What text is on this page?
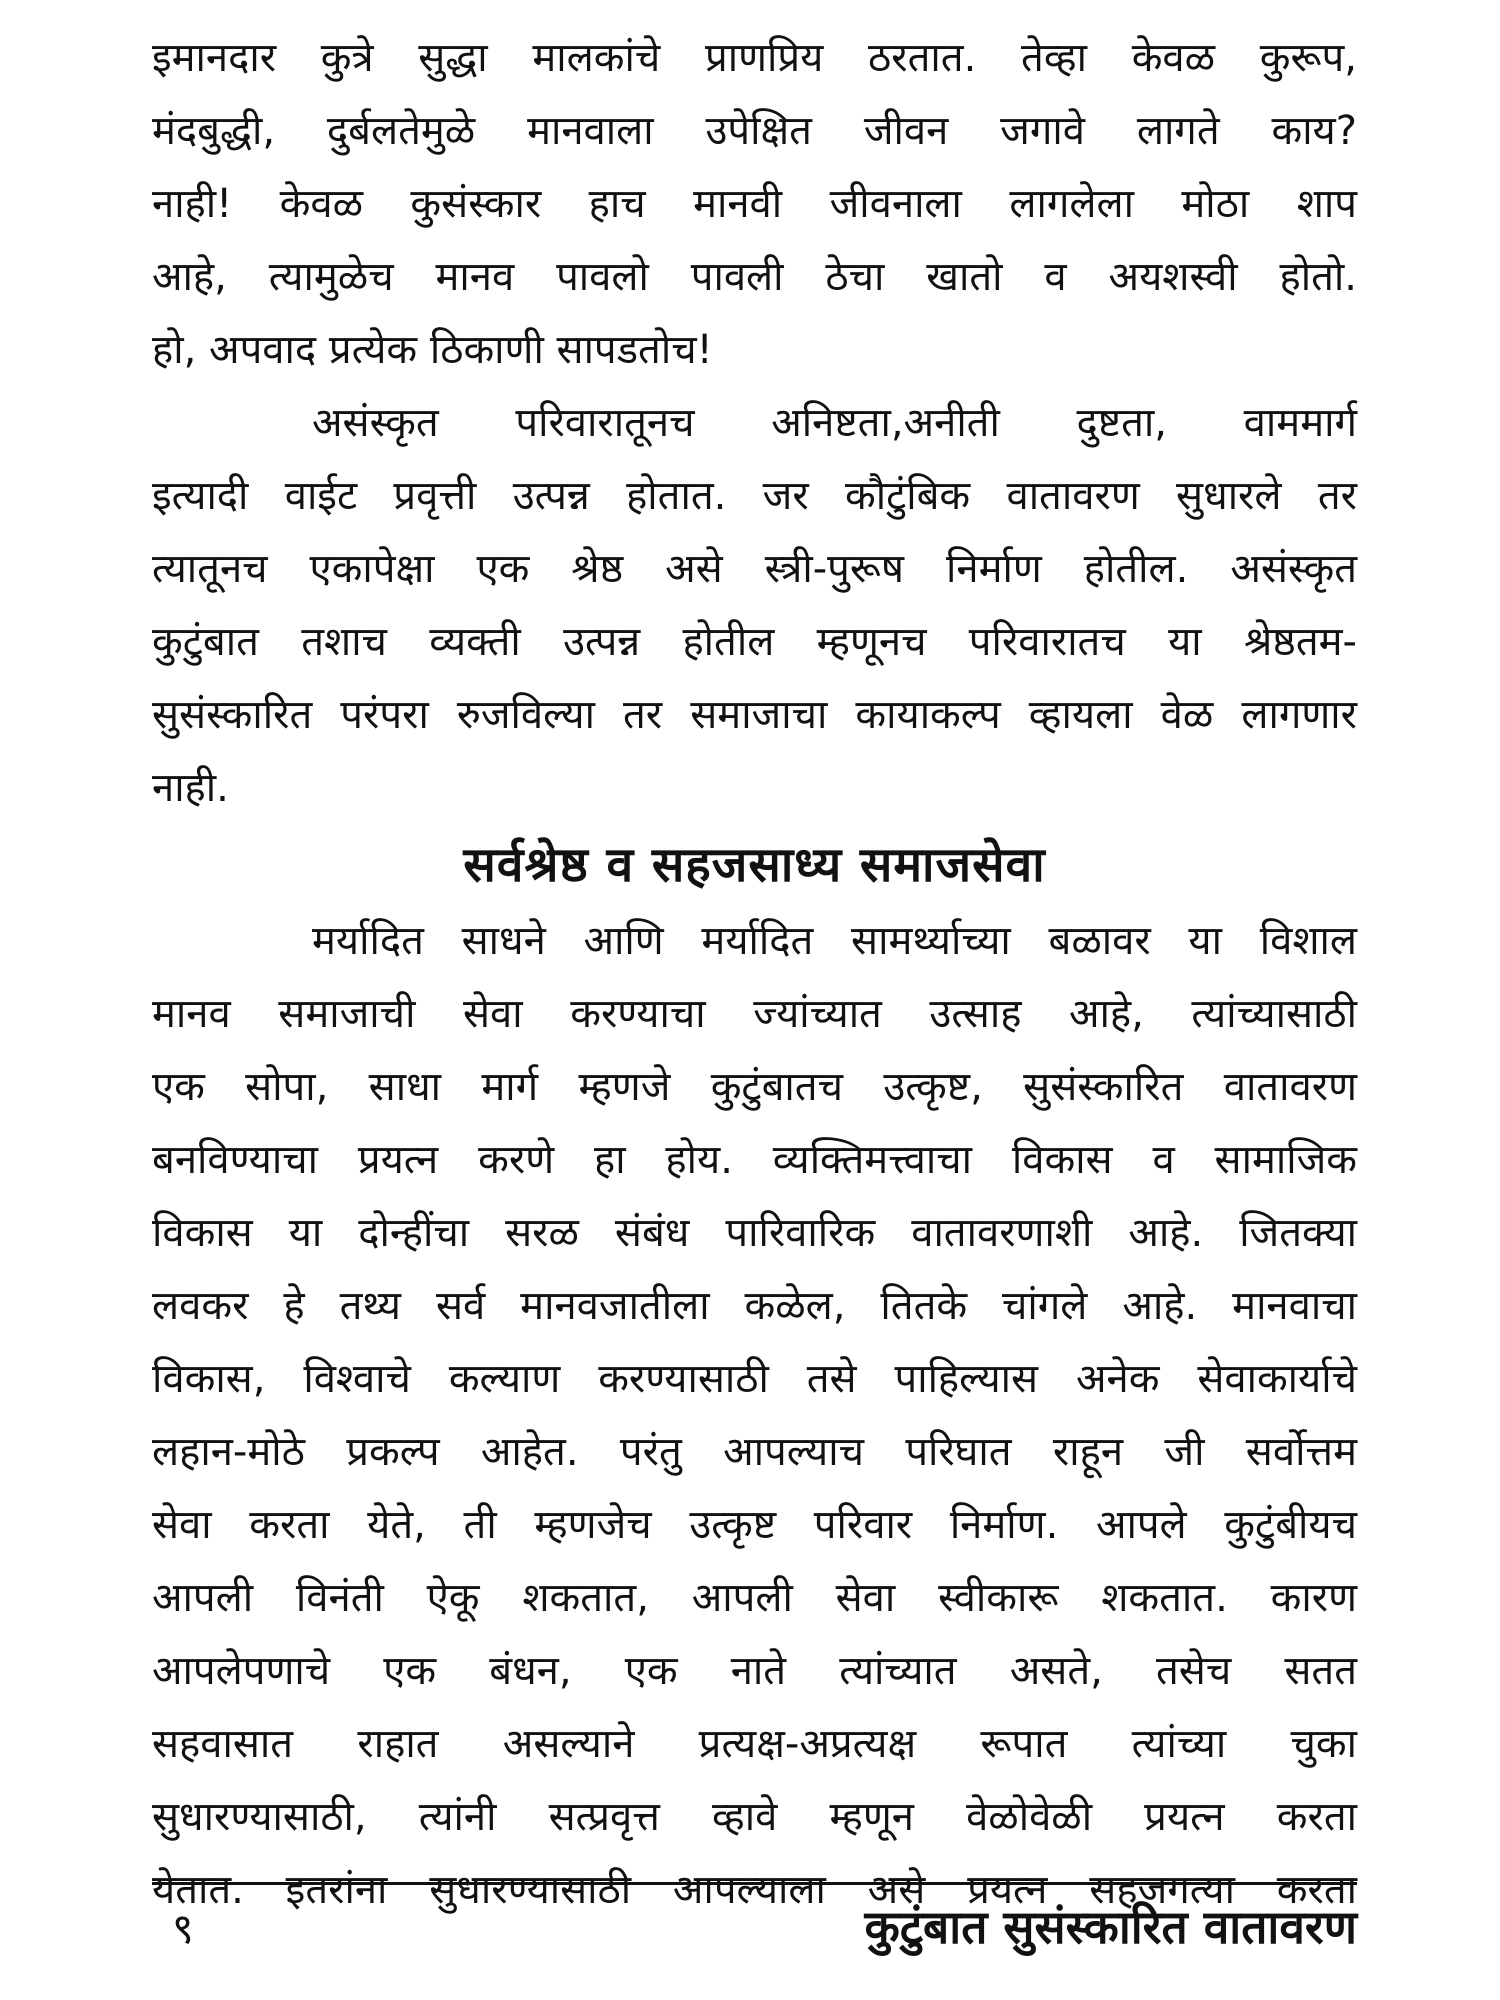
इमानदार कुत्रे सुद्धा मालकांचे प्राणप्रिय ठरतात. तेव्हा केवळ कुरूप,
मंदबुद्धी, दुर्बलतेमुळे मानवाला उपेक्षित जीवन जगावे लागते काय?
नाही! केवळ कुसंस्कार हाच मानवी जीवनाला लागलेला मोठा शाप
आहे, त्यामुळेच मानव पावलो पावली ठेचा खातो व अयशस्वी होतो.
हो, अपवाद प्रत्येक ठिकाणी सापडतोच!
असंस्कृत परिवारातूनच अनिष्टता,अनीती दुष्टता, वाममार्ग
इत्यादी वाईट प्रवृत्ती उत्पन्न होतात. जर कौटुंबिक वातावरण सुधारले तर
त्यातूनच एकापेक्षा एक श्रेष्ठ असे स्त्री-पुरूष निर्माण होतील. असंस्कृत
कुटुंबात तशाच व्यक्ती उत्पन्न होतील म्हणूनच परिवारातच या श्रेष्ठतम-
सुसंस्कारित परंपरा रुजविल्या तर समाजाचा कायाकल्प व्हायला वेळ लागणार
नाही.
सर्वश्रेष्ठ व सहजसाध्य समाजसेवा
मर्यादित साधने आणि मर्यादित सामर्थ्याच्या बळावर या विशाल
मानव समाजाची सेवा करण्याचा ज्यांच्यात उत्साह आहे, त्यांच्यासाठी
एक सोपा, साधा मार्ग म्हणजे कुटुंबातच उत्कृष्ट, सुसंस्कारित वातावरण
बनविण्याचा प्रयत्न करणे हा होय. व्यक्तिमत्त्वाचा विकास व सामाजिक
विकास या दोन्हींचा सरळ संबंध पारिवारिक वातावरणाशी आहे. जितक्या
लवकर हे तथ्य सर्व मानवजातीला कळेल, तितके चांगले आहे. मानवाचा
विकास, विश्वाचे कल्याण करण्यासाठी तसे पाहिल्यास अनेक सेवाकार्याचे
लहान-मोठे प्रकल्प आहेत. परंतु आपल्याच परिघात राहून जी सर्वोत्तम
सेवा करता येते, ती म्हणजेच उत्कृष्ट परिवार निर्माण. आपले कुटुंबीयच
आपली विनंती ऐकू शकतात, आपली सेवा स्वीकारू शकतात. कारण
आपलेपणाचे एक बंधन, एक नाते त्यांच्यात असते, तसेच सतत
सहवासात राहात असल्याने प्रत्यक्ष-अप्रत्यक्ष रूपात त्यांच्या चुका
सुधारण्यासाठी, त्यांनी सत्प्रवृत्त व्हावे म्हणून वेळोवेळी प्रयत्न करता
येतात. इतरांना सुधारण्यासाठी आपल्याला असे प्रयत्न सहजगत्या करता
९	कुटुंबात सुसंस्कारित वातावरण
